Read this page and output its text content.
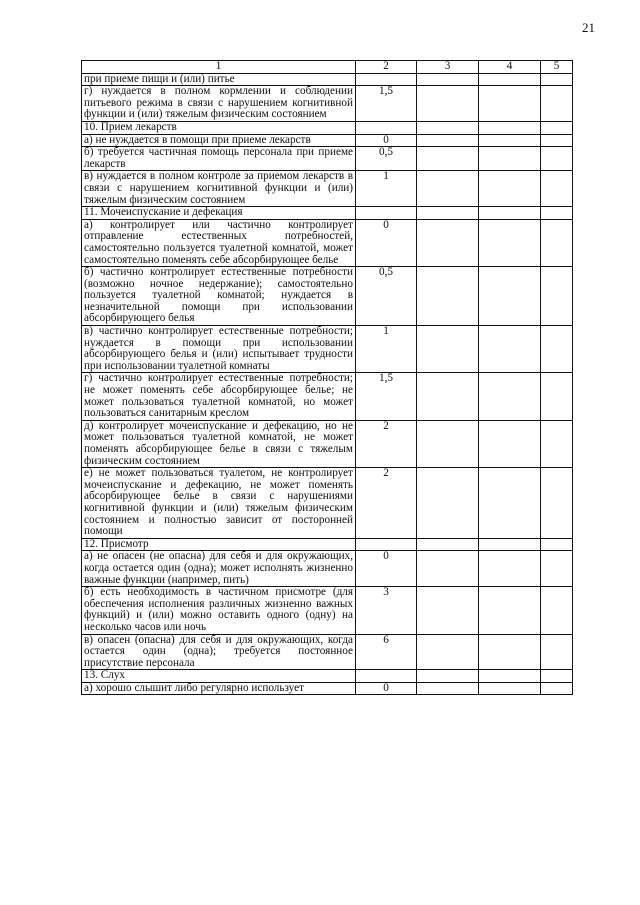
21
1	2	3	4	5
при приеме пищи и (или) питье				
г) нуждается в полном кормлении и соблюдении питьевого режима в связи с нарушением когнитивной функции и (или) тяжелым физическим состоянием	1,5			
10. Прием лекарств				
а) не нуждается в помощи при приеме лекарств	0			
б) требуется частичная помощь персонала при приеме лекарств	0,5			
в) нуждается в полном контроле за приемом лекарств в связи с нарушением когнитивной функции и (или) тяжелым физическим состоянием	1			
11. Мочеиспускание и дефекация				
а) контролирует или частично контролирует отправление естественных потребностей, самостоятельно пользуется туалетной комнатой, может самостоятельно поменять себе абсорбирующее белье	0			
б) частично контролирует естественные потребности (возможно ночное недержание); самостоятельно пользуется туалетной комнатой; нуждается в незначительной помощи при использовании абсорбирующего белья	0,5			
в) частично контролирует естественные потребности; нуждается в помощи при использовании абсорбирующего белья и (или) испытывает трудности при использовании туалетной комнаты	1			
г) частично контролирует естественные потребности; не может поменять себе абсорбирующее белье; не может пользоваться туалетной комнатой, но может пользоваться санитарным креслом	1,5			
д) контролирует мочеиспускание и дефекацию, но не может пользоваться туалетной комнатой, не может поменять абсорбирующее белье в связи с тяжелым физическим состоянием	2			
е) не может пользоваться туалетом, не контролирует мочеиспускание и дефекацию, не может поменять абсорбирующее белье в связи с нарушениями когнитивной функции и (или) тяжелым физическим состоянием и полностью зависит от посторонней помощи	2			
12. Присмотр				
а) не опасен (не опасна) для себя и для окружающих, когда остается один (одна); может исполнять жизненно важные функции (например, пить)	0			
б) есть необходимость в частичном присмотре (для обеспечения исполнения различных жизненно важных функций) и (или) можно оставить одного (одну) на несколько часов или ночь	3			
в) опасен (опасна) для себя и для окружающих, когда остается один (одна); требуется постоянное присутствие персонала	6			
13. Слух				
а) хорошо слышит либо регулярно использует	0			
